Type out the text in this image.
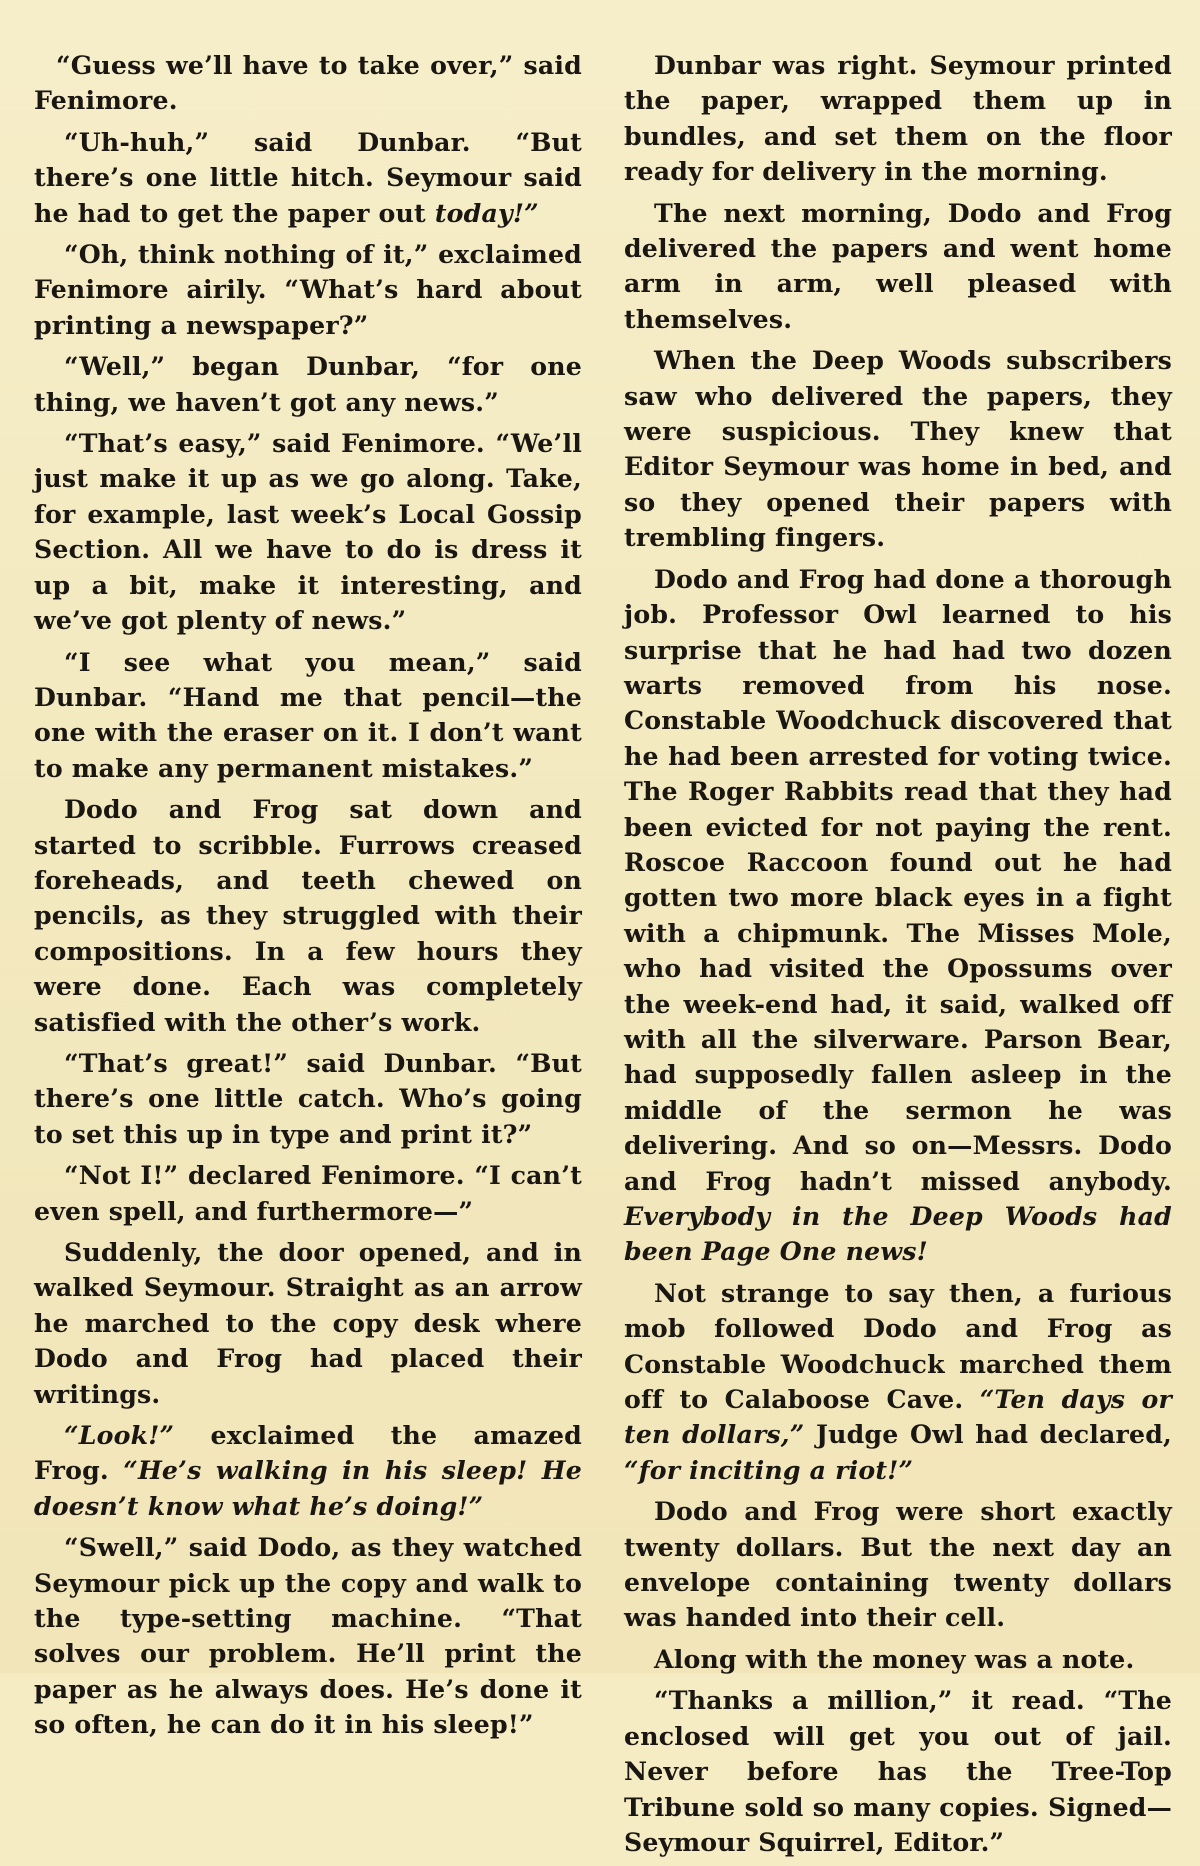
“Guess we’ll have to take over,” said Fenimore.

“Uh-huh,” said Dunbar. “But there’s one little hitch. Seymour said he had to get the paper out today!”

“Oh, think nothing of it,” exclaimed Fenimore airily. “What’s hard about printing a newspaper?”

“Well,” began Dunbar, “for one thing, we haven’t got any news.”

“That’s easy,” said Fenimore. “We’ll just make it up as we go along. Take, for example, last week’s Local Gossip Section. All we have to do is dress it up a bit, make it interesting, and we’ve got plenty of news.”

“I see what you mean,” said Dunbar. “Hand me that pencil—the one with the eraser on it. I don’t want to make any permanent mistakes.”

Dodo and Frog sat down and started to scribble. Furrows creased foreheads, and teeth chewed on pencils, as they struggled with their compositions. In a few hours they were done. Each was completely satisfied with the other’s work.

“That’s great!” said Dunbar. “But there’s one little catch. Who’s going to set this up in type and print it?”

“Not I!” declared Fenimore. “I can’t even spell, and furthermore—”

Suddenly, the door opened, and in walked Seymour. Straight as an arrow he marched to the copy desk where Dodo and Frog had placed their writings.

“Look!” exclaimed the amazed Frog. “He’s walking in his sleep! He doesn’t know what he’s doing!”

“Swell,” said Dodo, as they watched Seymour pick up the copy and walk to the type-setting machine. “That solves our problem. He’ll print the paper as he always does. He’s done it so often, he can do it in his sleep!”

Dunbar was right. Seymour printed the paper, wrapped them up in bundles, and set them on the floor ready for delivery in the morning.

The next morning, Dodo and Frog delivered the papers and went home arm in arm, well pleased with themselves.

When the Deep Woods subscribers saw who delivered the papers, they were suspicious. They knew that Editor Seymour was home in bed, and so they opened their papers with trembling fingers.

Dodo and Frog had done a thorough job. Professor Owl learned to his surprise that he had had two dozen warts removed from his nose. Constable Woodchuck discovered that he had been arrested for voting twice. The Roger Rabbits read that they had been evicted for not paying the rent. Roscoe Raccoon found out he had gotten two more black eyes in a fight with a chipmunk. The Misses Mole, who had visited the Opossums over the week-end had, it said, walked off with all the silverware. Parson Bear, had supposedly fallen asleep in the middle of the sermon he was delivering. And so on—Messrs. Dodo and Frog hadn’t missed anybody. Everybody in the Deep Woods had been Page One news!

Not strange to say then, a furious mob followed Dodo and Frog as Constable Woodchuck marched them off to Calaboose Cave. “Ten days or ten dollars,” Judge Owl had declared, “for inciting a riot!”

Dodo and Frog were short exactly twenty dollars. But the next day an envelope containing twenty dollars was handed into their cell.

Along with the money was a note.

“Thanks a million,” it read. “The enclosed will get you out of jail. Never before has the Tree-Top Tribune sold so many copies. Signed—Seymour Squirrel, Editor.”
